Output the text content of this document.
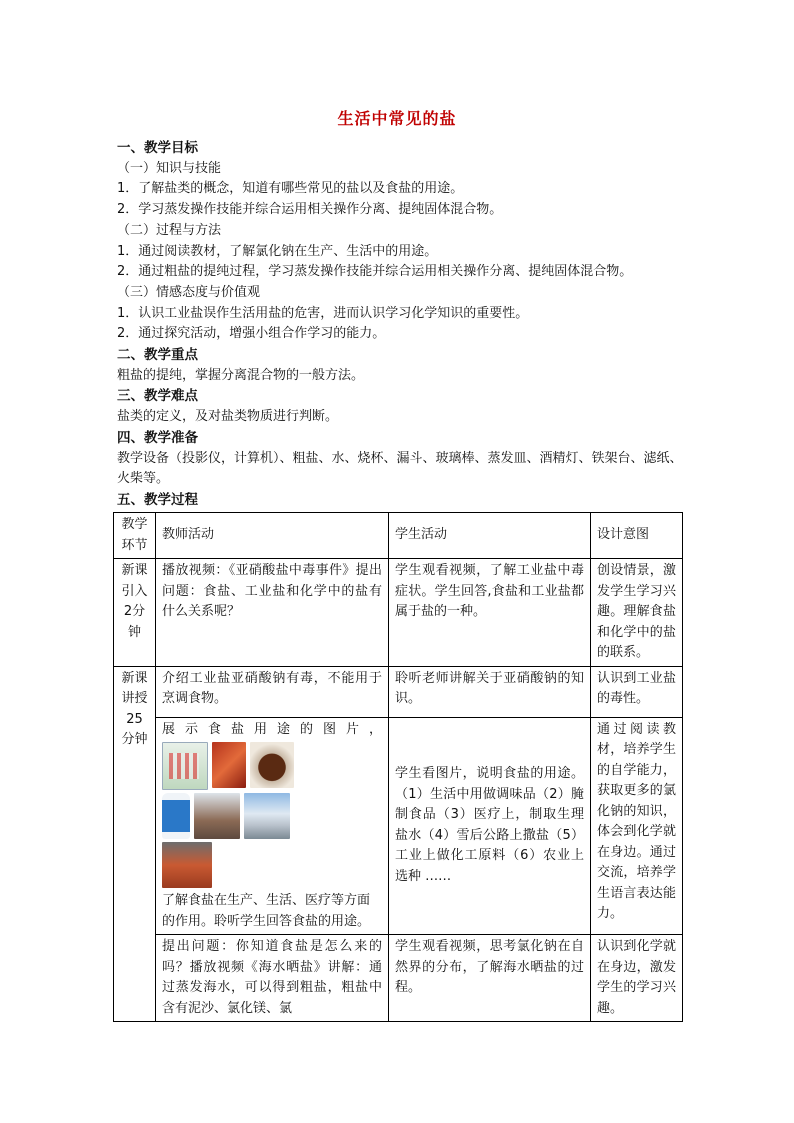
生活中常见的盐
一、教学目标
（一）知识与技能
1．了解盐类的概念，知道有哪些常见的盐以及食盐的用途。
2．学习蒸发操作技能并综合运用相关操作分离、提纯固体混合物。
（二）过程与方法
1．通过阅读教材，了解氯化钠在生产、生活中的用途。
2．通过粗盐的提纯过程，学习蒸发操作技能并综合运用相关操作分离、提纯固体混合物。
（三）情感态度与价值观
1．认识工业盐误作生活用盐的危害，进而认识学习化学知识的重要性。
2．通过探究活动，增强小组合作学习的能力。
二、教学重点
粗盐的提纯，掌握分离混合物的一般方法。
三、教学难点
盐类的定义，及对盐类物质进行判断。
四、教学准备
教学设备（投影仪，计算机）、粗盐、水、烧杯、漏斗、玻璃棒、蒸发皿、酒精灯、铁架台、滤纸、火柴等。
五、教学过程
教学环节	教师活动	学生活动	设计意图
新课引入2分钟	播放视频：《亚硝酸盐中毒事件》提出问题：食盐、工业盐和化学中的盐有什么关系呢？	学生观看视频，了解工业盐中毒症状。学生回答,食盐和工业盐都属于盐的一种。	创设情景，激发学生学习兴趣。理解食盐和化学中的盐的联系。
新课讲授25分钟	介绍工业盐亚硝酸钠有毒，不能用于烹调食物。	聆听老师讲解关于亚硝酸钠的知识。	认识到工业盐的毒性。

	展示食盐用途的图片，
了解食盐在生产、生活、医疗等方面的作用。聆听学生回答食盐的用途。	学生看图片，说明食盐的用途。（1）生活中用做调味品（2）腌制食品（3）医疗上，制取生理盐水（4）雪后公路上撒盐（5）工业上做化工原料（6）农业上选种 ……	通过阅读教材，培养学生的自学能力，获取更多的氯化钠的知识，体会到化学就在身边。通过交流，培养学生语言表达能力。
	提出问题：你知道食盐是怎么来的吗？播放视频《海水晒盐》讲解：通过蒸发海水，可以得到粗盐，粗盐中含有泥沙、氯化镁、氯	学生观看视频，思考氯化钠在自然界的分布，了解海水晒盐的过程。	认识到化学就在身边，激发学生的学习兴趣。
